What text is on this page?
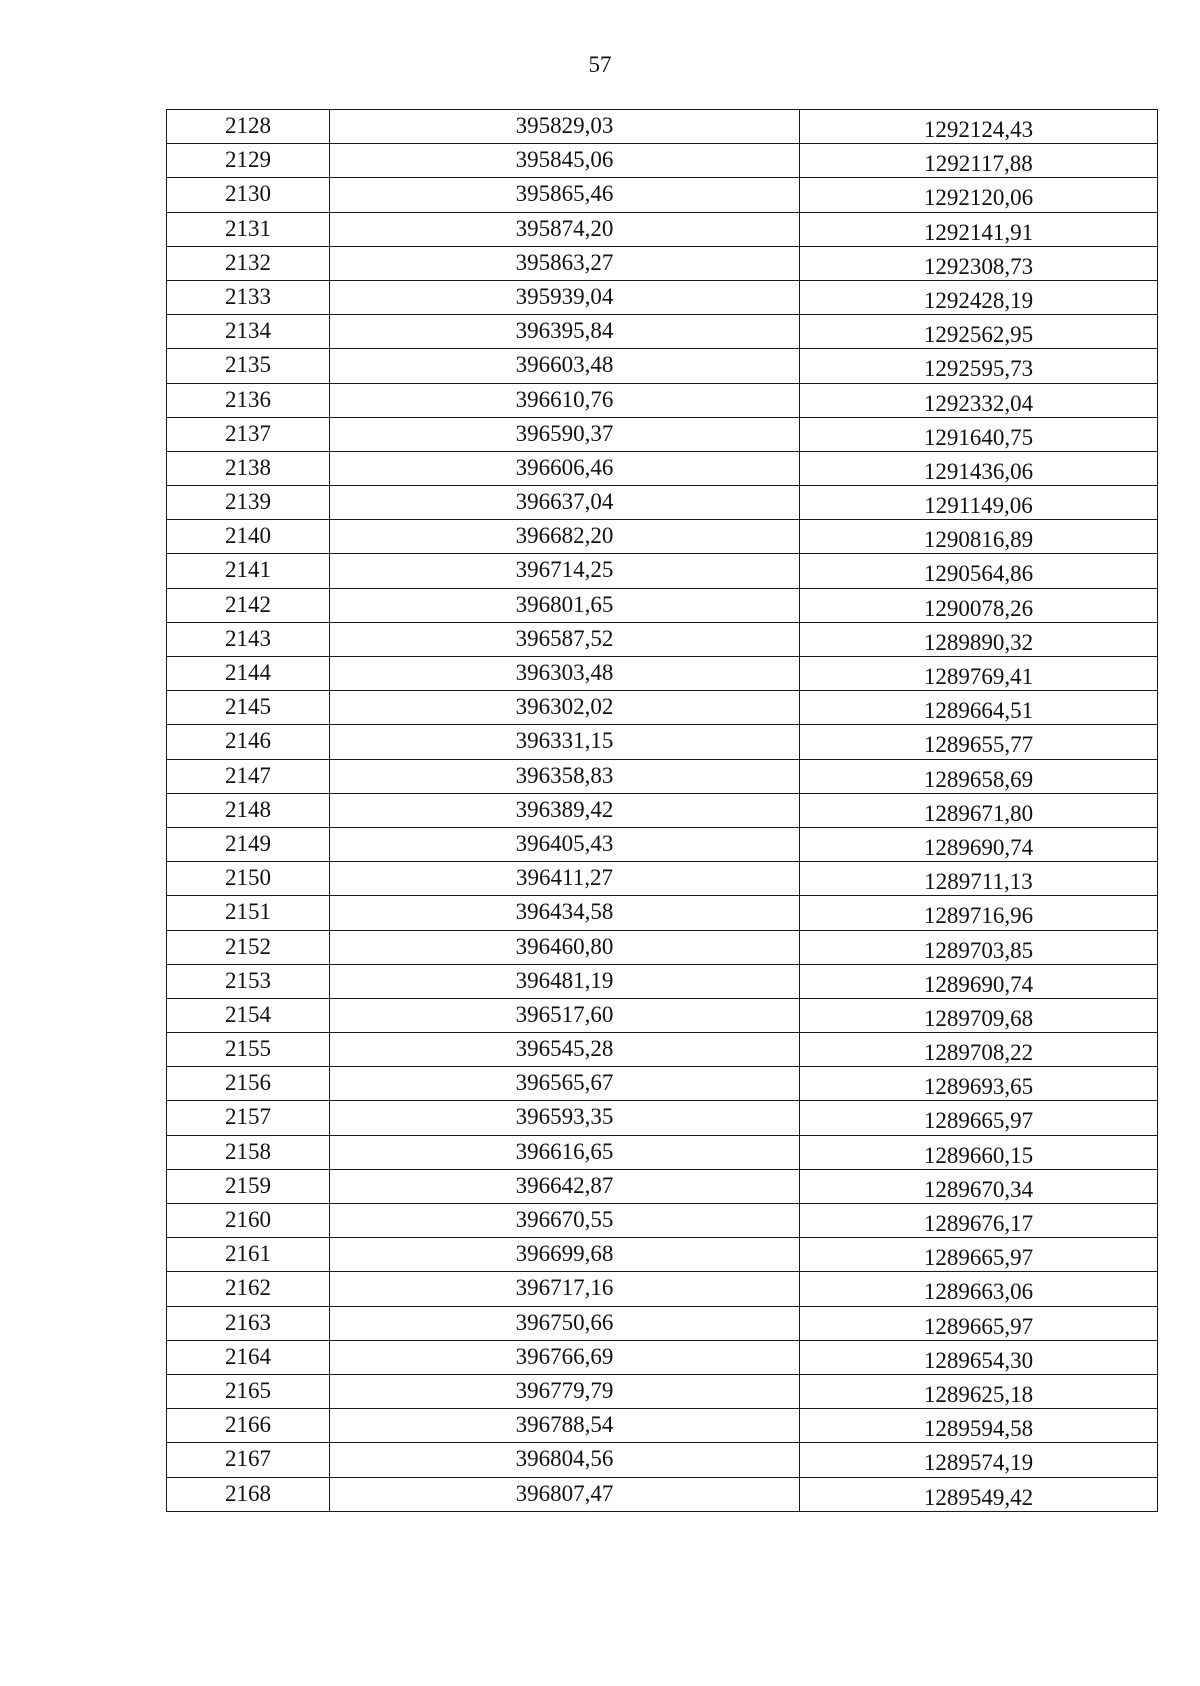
57
2128	395829,03	1292124,43
2129	395845,06	1292117,88
2130	395865,46	1292120,06
2131	395874,20	1292141,91
2132	395863,27	1292308,73
2133	395939,04	1292428,19
2134	396395,84	1292562,95
2135	396603,48	1292595,73
2136	396610,76	1292332,04
2137	396590,37	1291640,75
2138	396606,46	1291436,06
2139	396637,04	1291149,06
2140	396682,20	1290816,89
2141	396714,25	1290564,86
2142	396801,65	1290078,26
2143	396587,52	1289890,32
2144	396303,48	1289769,41
2145	396302,02	1289664,51
2146	396331,15	1289655,77
2147	396358,83	1289658,69
2148	396389,42	1289671,80
2149	396405,43	1289690,74
2150	396411,27	1289711,13
2151	396434,58	1289716,96
2152	396460,80	1289703,85
2153	396481,19	1289690,74
2154	396517,60	1289709,68
2155	396545,28	1289708,22
2156	396565,67	1289693,65
2157	396593,35	1289665,97
2158	396616,65	1289660,15
2159	396642,87	1289670,34
2160	396670,55	1289676,17
2161	396699,68	1289665,97
2162	396717,16	1289663,06
2163	396750,66	1289665,97
2164	396766,69	1289654,30
2165	396779,79	1289625,18
2166	396788,54	1289594,58
2167	396804,56	1289574,19
2168	396807,47	1289549,42
